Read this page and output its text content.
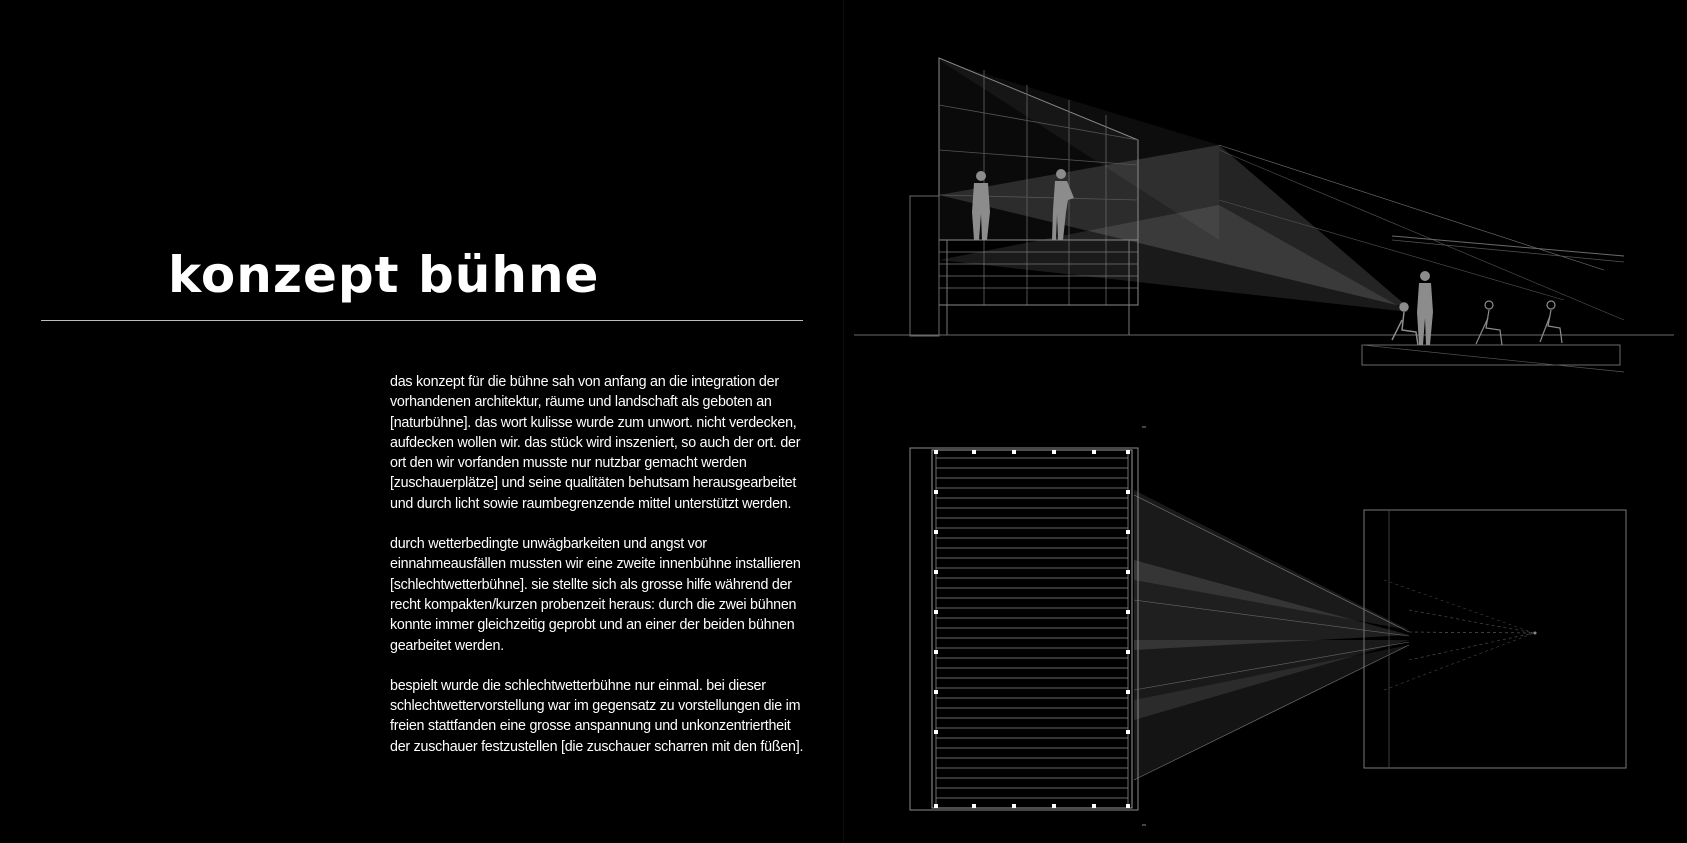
konzept bühne

das konzept für die bühne sah von anfang an die integration der vorhandenen architektur, räume und landschaft als geboten an [naturbühne]. das wort kulisse wurde zum unwort. nicht verdecken, aufdecken wollen wir. das stück wird inszeniert, so auch der ort. der ort den wir vorfanden musste nur nutzbar gemacht werden [zuschauerplätze] und seine qualitäten behutsam herausgearbeitet und durch licht sowie raumbegrenzende mittel unterstützt werden.

durch wetterbedingte unwägbarkeiten und angst vor einnahmeausfällen mussten wir eine zweite innenbühne installieren [schlechtwetterbühne]. sie stellte sich als grosse hilfe während der recht kompakten/kurzen probenzeit heraus: durch die zwei bühnen konnte immer gleichzeitig geprobt und an einer der beiden bühnen gearbeitet werden.

bespielt wurde die schlechtwetterbühne nur einmal. bei dieser schlechtwettervorstellung war im gegensatz zu vorstellungen die im freien stattfanden eine grosse anspannung und unkonzentriertheit der zuschauer festzustellen [die zuschauer scharren mit den füßen].
